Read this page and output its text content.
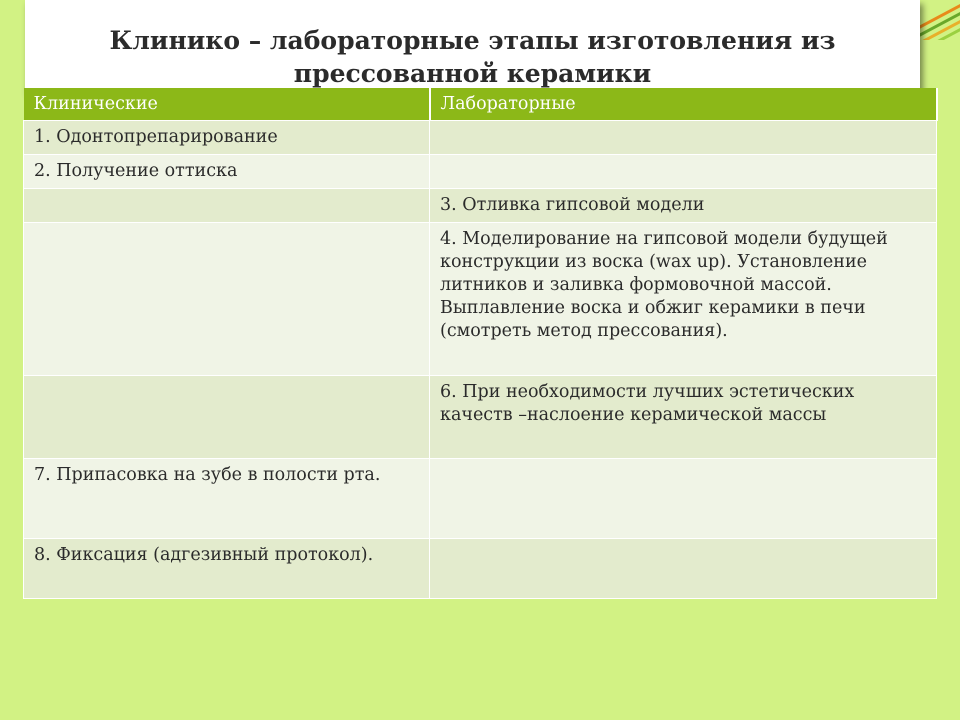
Клинико – лабораторные этапы изготовления из
прессованной керамики
Клинические	Лабораторные
1. Одонтопрепарирование	
2. Получение оттиска	
	3. Отливка гипсовой модели
	4. Моделирование на гипсовой модели будущей конструкции из воска (wax up). Установление литников и заливка формовочной массой. Выплавление воска и обжиг керамики в печи (смотреть метод прессования).
	6. При необходимости лучших эстетических качеств –наслоение керамической массы
7. Припасовка на зубе в полости рта.	
8. Фиксация (адгезивный протокол).	
